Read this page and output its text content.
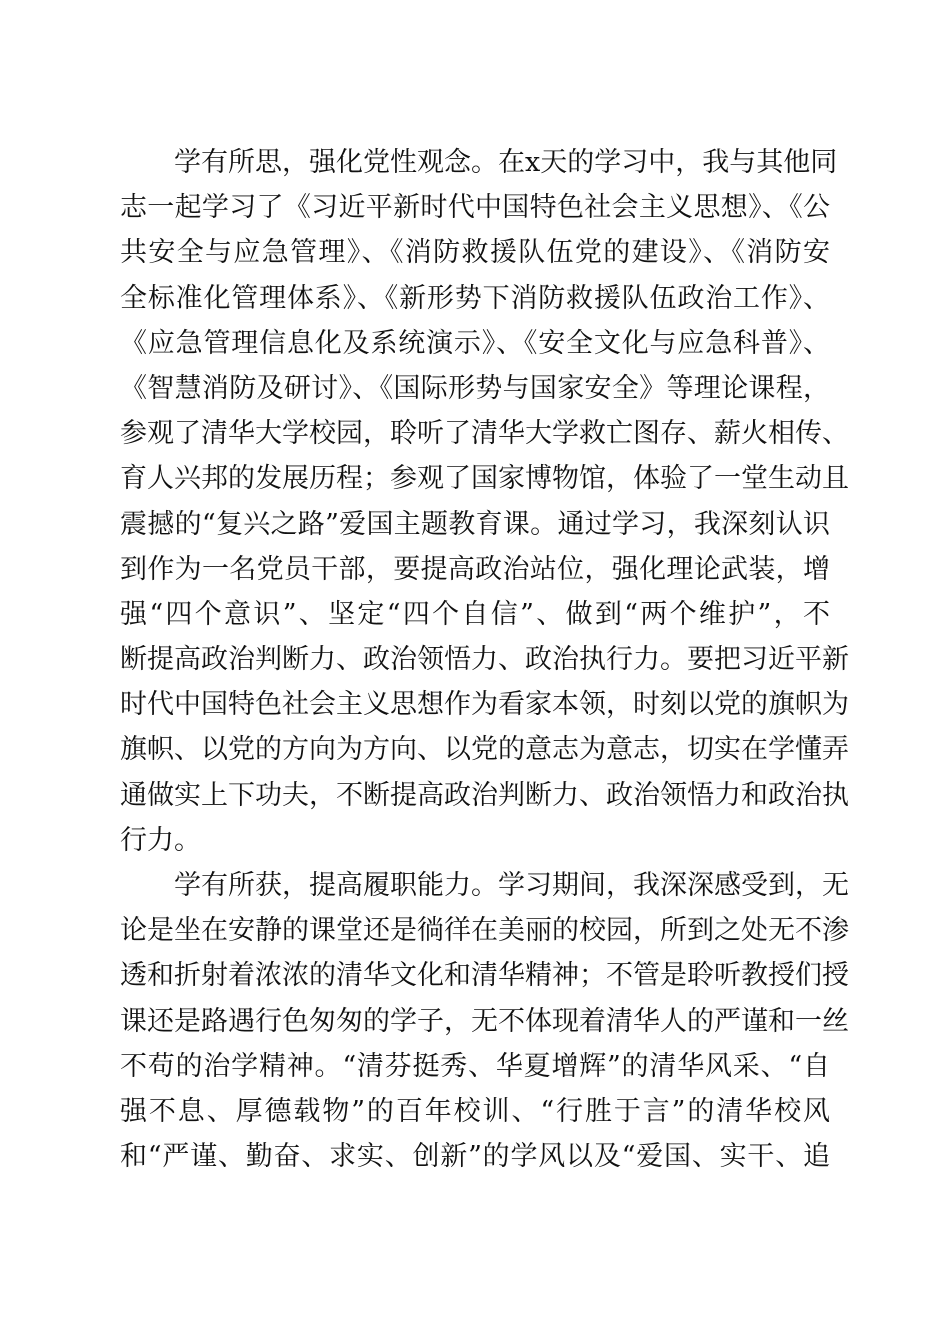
学有所思，强化党性观念。在x天的学习中，我与其他同
志一起学习了《习近平新时代中国特色社会主义思想》、《公
共安全与应急管理》、《消防救援队伍党的建设》、《消防安
全标准化管理体系》、《新形势下消防救援队伍政治工作》、
《应急管理信息化及系统演示》、《安全文化与应急科普》、
《智慧消防及研讨》、《国际形势与国家安全》等理论课程，
参观了清华大学校园，聆听了清华大学救亡图存、薪火相传、
育人兴邦的发展历程；参观了国家博物馆，体验了一堂生动且
震撼的“复兴之路”爱国主题教育课。通过学习，我深刻认识
到作为一名党员干部，要提高政治站位，强化理论武装，增
强“四个意识”、坚定“四个自信”、做到“两个维护”，不
断提高政治判断力、政治领悟力、政治执行力。要把习近平新
时代中国特色社会主义思想作为看家本领，时刻以党的旗帜为
旗帜、以党的方向为方向、以党的意志为意志，切实在学懂弄
通做实上下功夫，不断提高政治判断力、政治领悟力和政治执
行力。
学有所获，提高履职能力。学习期间，我深深感受到，无
论是坐在安静的课堂还是徜徉在美丽的校园，所到之处无不渗
透和折射着浓浓的清华文化和清华精神；不管是聆听教授们授
课还是路遇行色匆匆的学子，无不体现着清华人的严谨和一丝
不苟的治学精神。“清芬挺秀、华夏增辉”的清华风采、“自
强不息、厚德载物”的百年校训、“行胜于言”的清华校风
和“严谨、勤奋、求实、创新”的学风以及“爱国、实干、追
